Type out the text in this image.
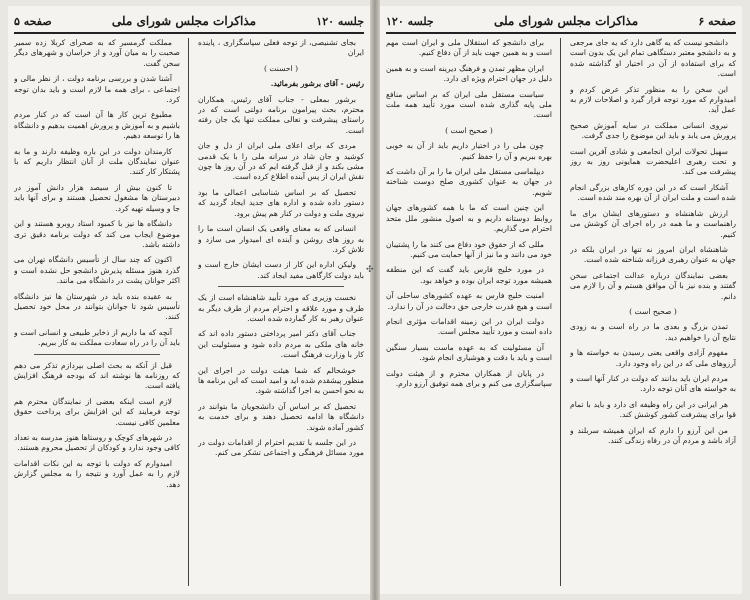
جلسه ۱۲۰
مذاکرات مجلس شورای ملی
صفحه ۵

بجای تشنیصی، از توجه فعلی سپاسگزاری ، پاینده ایران

( احسنت )

رئیس - آقای برشور بفرمائید.

برشور بمعلی - جناب آقای رئیس، همکاران محترم، بحث پیرامون برنامه دولتی است که در راستای پیشرفت و تعالی مملکت تنها یک جان رفته است.

مردی که برای اعلای ملی ایران از دل و جان کوشید و جان شاد در سرانه ملی را با یک قدمی مشی بکند و از قبل گرفته ایم که در آن روز ها چون نقش ایران از پس آینده اطلاع کرده است.

تحصیل که بر اساس شناسایی اعمالی ما بود دستور داده شده و اداره های جدید ایجاد گردید که نیروی ملت و دولت در کنار هم پیش برود.

انسانی که به معنای واقعی یک انسان است ما را به روز های روشن و آینده ای امیدوار می سازد و تلاش کرد.

ولیکن اداره این کار از دست ایشان خارج است و باید دولت کارگاهی مفید ایجاد کند.

نخست وزیری که مورد تأیید شاهنشاه است از یک طرف و مورد علاقه و احترام مردم از طرف دیگر به عنوان رهبر به کار گمارده شده است.

جناب آقای دکتر امیر پرداختی دستور داده اند که خانه های ملکی به مردم داده شود و مسئولیت این کار با وزارت فرهنگ است.

خوشحالم که شما هیئت دولت در اجرای این منظور پیشقدم شده اید و امید است که این برنامه ها به نحو احسن به اجرا گذاشته شود.

تحصیل که بر اساس آن دانشجویان ما بتوانند در دانشگاه ها ادامه تحصیل دهند و برای خدمت به کشور آماده شوند.

در این جلسه با تقدیم احترام از اقدامات دولت در مورد مسائل فرهنگی و اجتماعی تشکر می کنم.

مملکت گرمسیر که به صحرای کربلا زده سمیر صحبت را به میان آورد و از خراسان و شهرهای دیگر سخن گفت.

آشنا شدن و بررسی برنامه دولت ، از نظر مالی و اجتماعی ، برای همه ما لازم است و باید بدان توجه کرد.

مطبوع ترین کار ها آن است که در کنار مردم باشیم و به آموزش و پرورش اهمیت بدهیم و دانشگاه ها را توسعه دهیم.

کارمندان دولت در این باره وظیفه دارند و ما به عنوان نمایندگان ملت از آنان انتظار داریم که با پشتکار کار کنند.

تا کنون بیش از سیصد هزار دانش آموز در دبیرستان ها مشغول تحصیل هستند و برای آنها باید جا و وسیله تهیه کرد.

دانشگاه ها نیز با کمبود استاد روبرو هستند و این موضوع ایجاب می کند که دولت برنامه دقیق تری داشته باشد.

اکنون که چند سال از تأسیس دانشگاه تهران می گذرد هنوز مسئله پذیرش دانشجو حل نشده است و اکثر جوانان پشت در دانشگاه می مانند.

به عقیده بنده باید در شهرستان ها نیز دانشگاه تأسیس شود تا جوانان بتوانند در محل خود تحصیل کنند.

آنچه که ما داریم از ذخایر طبیعی و انسانی است و باید آن را در راه سعادت مملکت به کار ببریم.

قبل از آنکه به بحث اصلی بپردازم تذکر می دهم که روزنامه ها نوشته اند که بودجه فرهنگ افزایش یافته است.

لازم است اینکه بعضی از نمایندگان محترم هم توجه فرمایند که این افزایش برای پرداخت حقوق معلمین کافی نیست.

در شهرهای کوچک و روستاها هنوز مدرسه به تعداد کافی وجود ندارد و کودکان از تحصیل محروم هستند.

امیدوارم که دولت با توجه به این نکات اقدامات لازم را به عمل آورد و نتیجه را به مجلس گزارش دهد.

✣
صفحه ۶
مذاکرات مجلس شورای ملی
جلسه ۱۲۰

دانشجو نیست که یه گاهی دارد که یه جای مرجعی و به دانشجو معتبر دستگاهی تمام این یک بدون است که برای استفاده از آن در اختیار او گذاشته شده است.

این سخن را به منظور تذکر عرض کردم و امیدوارم که مورد توجه قرار گیرد و اصلاحات لازم به عمل آید.

نیروی انسانی مملکت در سایه آموزش صحیح پرورش می یابد و باید این موضوع را جدی گرفت.

سهیل تحولات ایران انجامعی و شادی آفرین است و تحت رهبری اعلیحضرت همایونی روز به روز پیشرفت می کند.

آشکار است که در این دوره کارهای بزرگی انجام شده است و ملت ایران از آن بهره مند شده است.

ارزش شاهنشاه و دستورهای ایشان برای ما راهنماست و ما همه در راه اجرای آن کوشش می کنیم.

شاهنشاه ایران امروز نه تنها در ایران بلکه در جهان به عنوان رهبری فرزانه شناخته شده است.

بعضی نمایندگان درباره عدالت اجتماعی سخن گفتند و بنده نیز با آن موافق هستم و آن را لازم می دانم.

( صحیح است )

تمدن بزرگ و بعدی ما در راه است و به زودی نتایج آن را خواهیم دید.

مفهوم آزادی واقعی یعنی رسیدن به خواسته ها و آرزوهای ملی که در این راه وجود دارد.

مردم ایران باید بدانند که دولت در کنار آنها است و به خواسته های آنان توجه دارد.

هر ایرانی در این راه وظیفه ای دارد و باید با تمام قوا برای پیشرفت کشور کوشش کند.

من این آرزو را دارم که ایران همیشه سربلند و آزاد باشد و مردم آن در رفاه زندگی کنند.

برای دانشجو که استقلال ملی و ایران است مهم است و به همین جهت باید از آن دفاع کنیم.

ایران مظهر تمدن و فرهنگ دیرینه است و به همین دلیل در جهان احترام ویژه ای دارد.

سیاست مستقل ملی ایران که بر اساس منافع ملی پایه گذاری شده است مورد تأیید همه ملت است.

( صحیح است )

چون ملی را در اختیار داریم باید از آن به خوبی بهره ببریم و آن را حفظ کنیم.

دیپلماسی مستقل ملی ایران ما را بر آن داشت که در جهان به عنوان کشوری صلح دوست شناخته شویم.

این چنین است که ما با همه کشورهای جهان روابط دوستانه داریم و به اصول منشور ملل متحد احترام می گذاریم.

مللی که از حقوق خود دفاع می کنند ما را پشتیبان خود می دانند و ما نیز از آنها حمایت می کنیم.

در مورد خلیج فارس باید گفت که این منطقه همیشه مورد توجه ایران بوده و خواهد بود.

امنیت خلیج فارس به عهده کشورهای ساحلی آن است و هیچ قدرت خارجی حق دخالت در آن را ندارد.

دولت ایران در این زمینه اقدامات مؤثری انجام داده است و مورد تأیید مجلس است.

آن مسئولیت که به عهده ماست بسیار سنگین است و باید با دقت و هوشیاری انجام شود.

در پایان از همکاران محترم و از هیئت دولت سپاسگزاری می کنم و برای همه توفیق آرزو دارم.
